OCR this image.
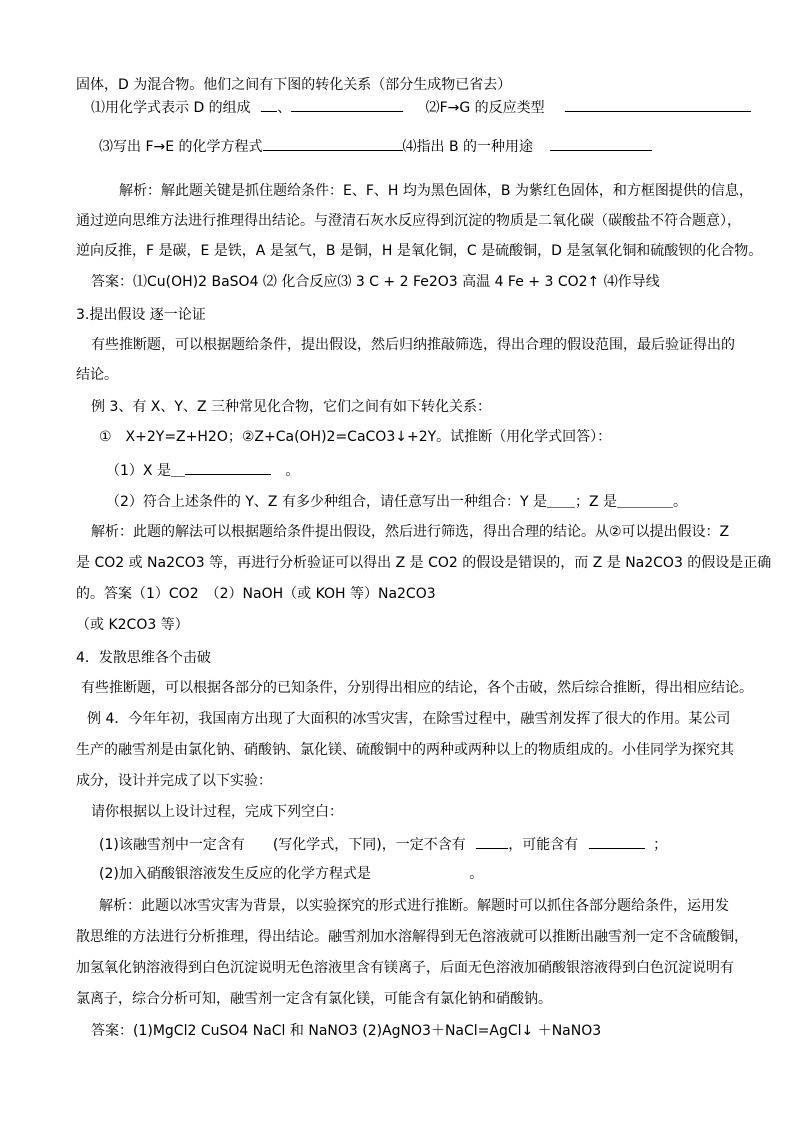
固体，D 为混合物。他们之间有下图的转化关系（部分生成物已省去）
⑴用化学式表示 D 的组成 、	⑵F→G 的反应类型
⑶写出 F→E 的化学方程式	⑷指出 B 的一种用途
解析：解此题关键是抓住题给条件：E、F、H 均为黑色固体，B 为紫红色固体，和方框图提供的信息，
通过逆向思维方法进行推理得出结论。与澄清石灰水反应得到沉淀的物质是二氧化碳（碳酸盐不符合题意），
逆向反推，F 是碳，E 是铁，A 是氢气，B 是铜，H 是氧化铜，C 是硫酸铜，D 是氢氧化铜和硫酸钡的化合物。
答案：⑴Cu(OH)2 BaSO4 ⑵ 化合反应⑶ 3 C + 2 Fe2O3 高温 4 Fe + 3 CO2↑ ⑷作导线
3.提出假设 逐一论证
有些推断题，可以根据题给条件，提出假设，然后归纳推敲筛选，得出合理的假设范围，最后验证得出的
结论。
例 3、有 X、Y、Z 三种常见化合物，它们之间有如下转化关系：
①　X+2Y=Z+H2O；②Z+Ca(OH)2=CaCO3↓+2Y。试推断（用化学式回答）：
（1）X 是＿	。
（2）符合上述条件的 Y、Z 有多少种组合，请任意写出一种组合：Y 是＿＿；Z 是＿＿＿＿。
解析：此题的解法可以根据题给条件提出假设，然后进行筛选，得出合理的结论。从②可以提出假设：Z
是 CO2 或 Na2CO3 等，再进行分析验证可以得出 Z 是 CO2 的假设是错误的，而 Z 是 Na2CO3 的假设是正确
的。答案（1）CO2　（2）NaOH（或 KOH 等）Na2CO3
（或 K2CO3 等）
4．发散思维各个击破
有些推断题，可以根据各部分的已知条件，分别得出相应的结论，各个击破，然后综合推断，得出相应结论。
例 4．今年年初，我国南方出现了大面积的冰雪灾害，在除雪过程中，融雪剂发挥了很大的作用。某公司
生产的融雪剂是由氯化钠、硝酸钠、氯化镁、硫酸铜中的两种或两种以上的物质组成的。小佳同学为探究其
成分，设计并完成了以下实验：
请你根据以上设计过程，完成下列空白：
(1)该融雪剂中一定含有　　(写化学式，下同)，一定不含有	，可能含有	；
(2)加入硝酸银溶液发生反应的化学方程式是	。
解析：此题以冰雪灾害为背景，以实验探究的形式进行推断。解题时可以抓住各部分题给条件，运用发
散思维的方法进行分析推理，得出结论。融雪剂加水溶解得到无色溶液就可以推断出融雪剂一定不含硫酸铜，
加氢氧化钠溶液得到白色沉淀说明无色溶液里含有镁离子，后面无色溶液加硝酸银溶液得到白色沉淀说明有
氯离子，综合分析可知，融雪剂一定含有氯化镁，可能含有氯化钠和硝酸钠。
答案：(1)MgCl2 CuSO4 NaCl 和 NaNO3 (2)AgNO3＋NaCl=AgCl↓ ＋NaNO3
